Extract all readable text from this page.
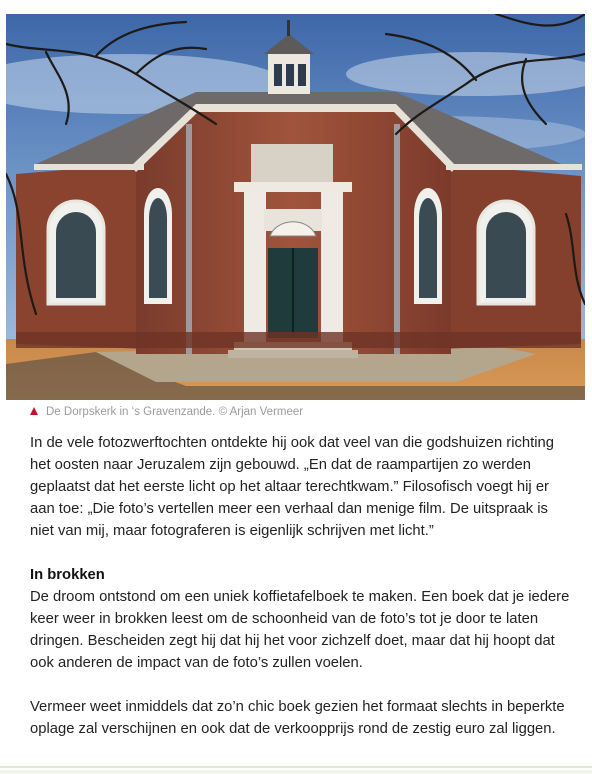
De Dorpskerk in ‘s Gravenzande. © Arjan Vermeer

In de vele fotozwerftochten ontdekte hij ook dat veel van die godshuizen richting het oosten naar Jeruzalem zijn gebouwd. „En dat de raampartijen zo werden geplaatst dat het eerste licht op het altaar terechtkwam.” Filosofisch voegt hij er aan toe: „Die foto’s vertellen meer een verhaal dan menige film. De uitspraak is niet van mij, maar fotograferen is eigenlijk schrijven met licht.”

In brokken

De droom ontstond om een uniek koffietafelboek te maken. Een boek dat je iedere keer weer in brokken leest om de schoonheid van de foto’s tot je door te laten dringen. Bescheiden zegt hij dat hij het voor zichzelf doet, maar dat hij hoopt dat ook anderen de impact van de foto’s zullen voelen.

Vermeer weet inmiddels dat zo’n chic boek gezien het formaat slechts in beperkte oplage zal verschijnen en ook dat de verkoopprijs rond de zestig euro zal liggen.
